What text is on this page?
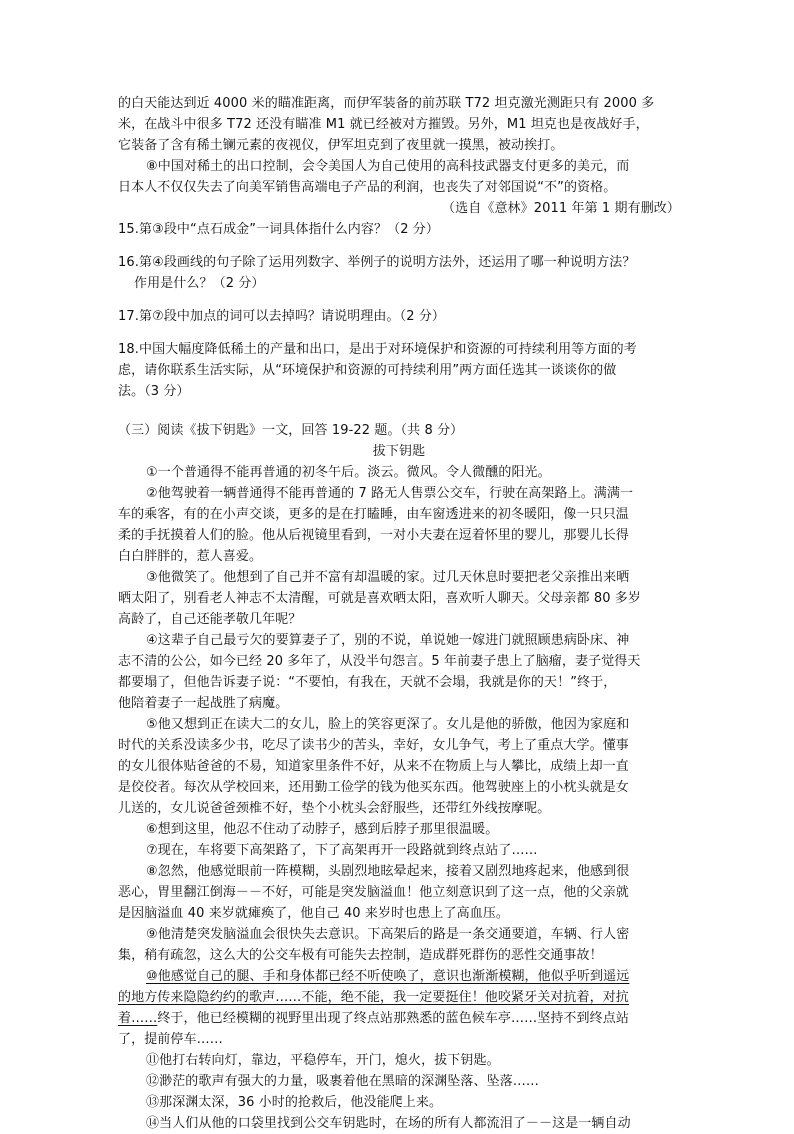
的白天能达到近 4000 米的瞄准距离，而伊军装备的前苏联 T72 坦克激光测距只有 2000 多
米，在战斗中很多 T72 还没有瞄准 M1 就已经被对方摧毁。另外，M1 坦克也是夜战好手，
它装备了含有稀土镧元素的夜视仪，伊军坦克到了夜里就一摸黑，被动挨打。
⑧中国对稀土的出口控制，会令美国人为自己使用的高科技武器支付更多的美元，而
日本人不仅仅失去了向美军销售高端电子产品的利润，也丧失了对邻国说“不”的资格。
（选自《意林》2011 年第 1 期有删改）
15.第③段中“点石成金”一词具体指什么内容？（2 分）
16.第④段画线的句子除了运用列数字、举例子的说明方法外，还运用了哪一种说明方法？
作用是什么？（2 分）
17.第⑦段中加点的词可以去掉吗？请说明理由。（2 分）
18.中国大幅度降低稀土的产量和出口，是出于对环境保护和资源的可持续利用等方面的考
虑，请你联系生活实际，从“环境保护和资源的可持续利用”两方面任选其一谈谈你的做
法。（3 分）
（三）阅读《拔下钥匙》一文，回答 19-22 题。（共 8 分）
拔下钥匙
①一个普通得不能再普通的初冬午后。淡云。微风。令人微醺的阳光。
②他驾驶着一辆普通得不能再普通的 7 路无人售票公交车，行驶在高架路上。满满一
车的乘客，有的在小声交谈，更多的是在打瞌睡，由车窗透进来的初冬暖阳，像一只只温
柔的手抚摸着人们的脸。他从后视镜里看到，一对小夫妻在逗着怀里的婴儿，那婴儿长得
白白胖胖的，惹人喜爱。
③他微笑了。他想到了自己并不富有却温暖的家。过几天休息时要把老父亲推出来晒
晒太阳了，别看老人神志不太清醒，可就是喜欢晒太阳，喜欢听人聊天。父母亲都 80 多岁
高龄了，自己还能孝敬几年呢？
④这辈子自己最亏欠的要算妻子了，别的不说，单说她一嫁进门就照顾患病卧床、神
志不清的公公，如今已经 20 多年了，从没半句怨言。5 年前妻子患上了脑瘤，妻子觉得天
都要塌了，但他告诉妻子说：“不要怕，有我在，天就不会塌，我就是你的天！”终于，
他陪着妻子一起战胜了病魔。
⑤他又想到正在读大二的女儿，脸上的笑容更深了。女儿是他的骄傲，他因为家庭和
时代的关系没读多少书，吃尽了读书少的苦头，幸好，女儿争气，考上了重点大学。懂事
的女儿很体贴爸爸的不易，知道家里条件不好，从来不在物质上与人攀比，成绩上却一直
是佼佼者。每次从学校回来，还用勤工俭学的钱为他买东西。他驾驶座上的小枕头就是女
儿送的，女儿说爸爸颈椎不好，垫个小枕头会舒服些，还带红外线按摩呢。
⑥想到这里，他忍不住动了动脖子，感到后脖子那里很温暖。
⑦现在，车将要下高架路了，下了高架再开一段路就到终点站了……
⑧忽然，他感觉眼前一阵模糊，头剧烈地眩晕起来，接着又剧烈地疼起来，他感到很
恶心，胃里翻江倒海－－不好，可能是突发脑溢血！他立刻意识到了这一点，他的父亲就
是因脑溢血 40 来岁就瘫痪了，他自己 40 来岁时也患上了高血压。
⑨他清楚突发脑溢血会很快失去意识。下高架后的路是一条交通要道，车辆、行人密
集，稍有疏忽，这么大的公交车极有可能失去控制，造成群死群伤的恶性交通事故！
⑩他感觉自己的腿、手和身体都已经不听使唤了，意识也渐渐模糊，他似乎听到遥远
的地方传来隐隐约约的歌声……不能，绝不能，我一定要挺住！他咬紧牙关对抗着，对抗
着……终于，他已经模糊的视野里出现了终点站那熟悉的蓝色候车亭……坚持不到终点站
了，提前停车……
⑪他打右转向灯，靠边，平稳停车，开门，熄火，拔下钥匙。
⑫渺茫的歌声有强大的力量，吸裹着他在黑暗的深渊坠落、坠落……
⑬那深渊太深，36 小时的抢救后，他没能爬上来。
⑭当人们从他的口袋里找到公交车钥匙时，在场的所有人都流泪了－－这是一辆自动
